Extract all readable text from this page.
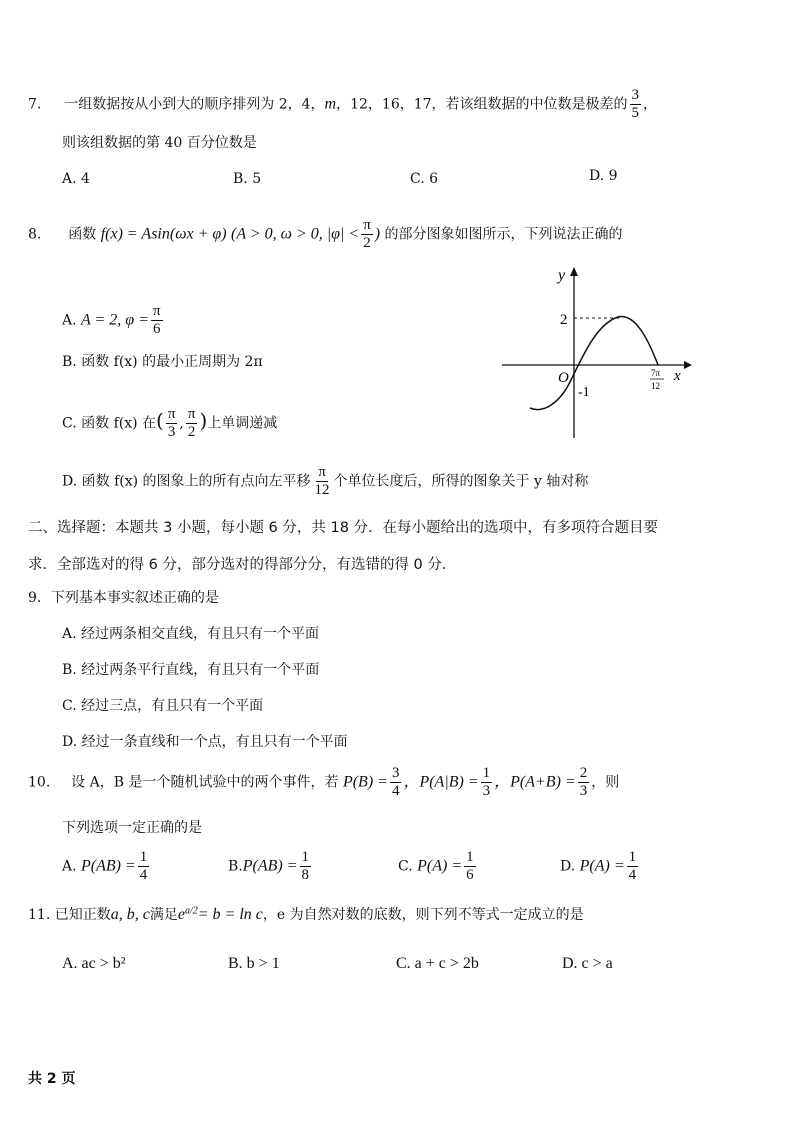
7. 一组数据按从小到大的顺序排列为 2，4，m，12，16，17，若该组数据的中位数是极差的 $\frac{3}{5}$ ，
则该组数据的第 40 百分位数是
A. 4	B. 5	C. 6	D. 9
8. 函数 f(x) = Asin(ωx + φ) (A > 0, ω > 0, $|\varphi| < \frac{\pi}{2}$ ) 的部分图象如图所示，下列说法正确的
A. A = 2, $\varphi = \frac{\pi}{6}$
B. 函数 f(x) 的最小正周期为 2π
C. 函数 f(x) 在( $\frac{\pi}{3}$ , $\frac{\pi}{2}$ )上单调递减
D. 函数 f(x) 的图象上的所有点向左平移 $\frac{\pi}{12}$ 个单位长度后，所得的图象关于 y 轴对称
y
x
O
2
-1
7π
12
二、选择题：本题共 3 小题，每小题 6 分，共 18 分．在每小题给出的选项中，有多项符合题目要
求．全部选对的得 6 分，部分选对的得部分分，有选错的得 0 分．
9．下列基本事实叙述正确的是
A. 经过两条相交直线，有且只有一个平面
B. 经过两条平行直线，有且只有一个平面
C. 经过三点，有且只有一个平面
D. 经过一条直线和一个点，有且只有一个平面
10. 设 A，B 是一个随机试验中的两个事件，若 $P(B) = \frac{3}{4}$ ，$P(A|B) = \frac{1}{3}$ ，$P(A+B) = \frac{2}{3}$ ，则
下列选项一定正确的是
A. $P(AB) = \frac{1}{4}$	$B.P(AB) = \frac{1}{8}$	C. $P(A) = \frac{1}{6}$	D. $P(A) = \frac{1}{4}$
11. 已知正数a, b, c满足$e^{a/2}= b = \ln c$，e 为自然对数的底数，则下列不等式一定成立的是
A. ac > b²	B. b > 1	C. a + c > 2b	D. c > a
共 2 页
